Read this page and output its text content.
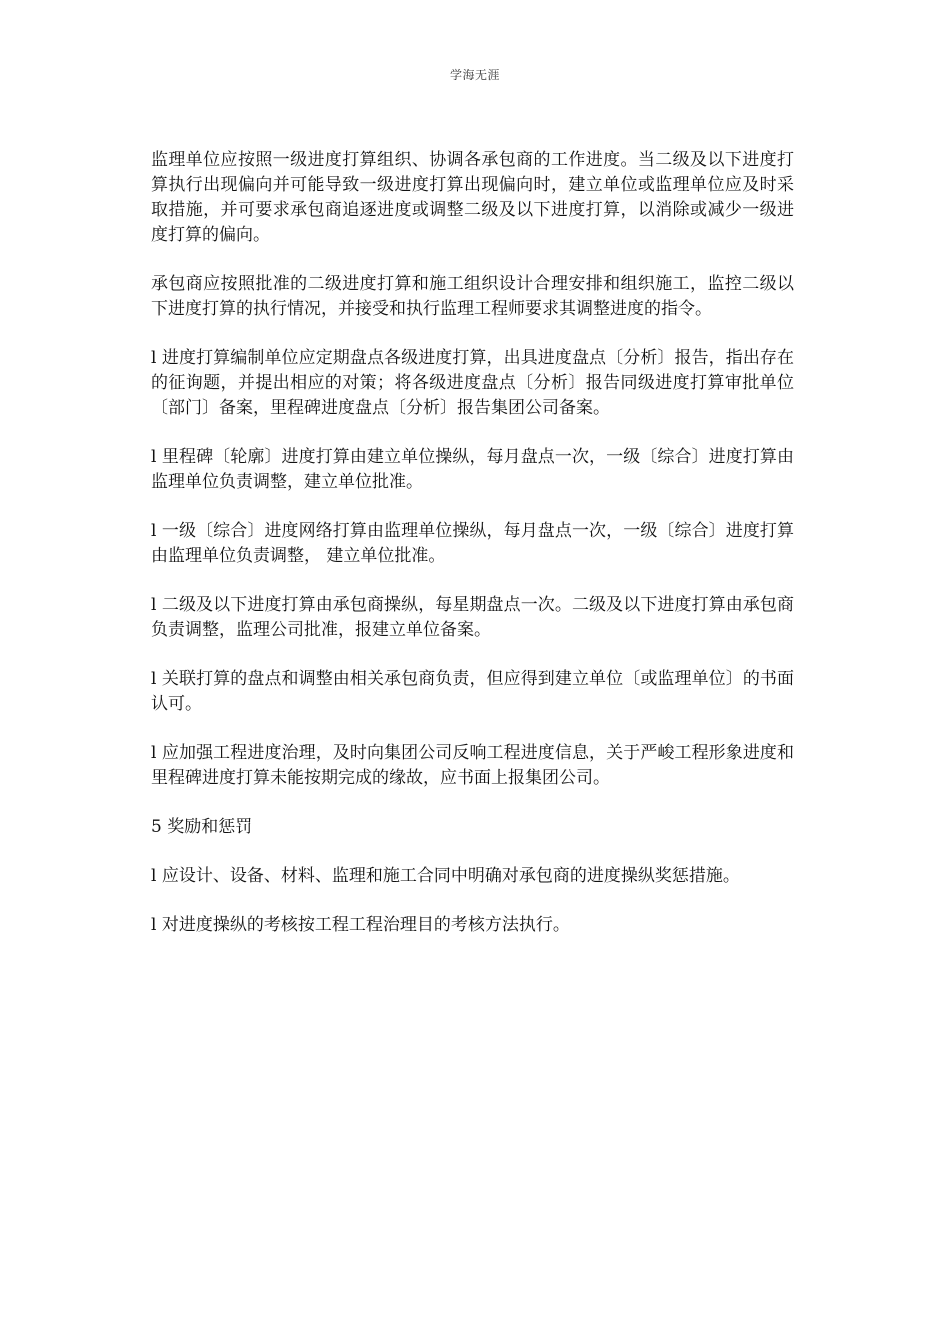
学海无涯

监理单位应按照一级进度打算组织、协调各承包商的工作进度。当二级及以下进度打算执行出现偏向并可能导致一级进度打算出现偏向时，建立单位或监理单位应及时采取措施，并可要求承包商追逐进度或调整二级及以下进度打算，以消除或减少一级进度打算的偏向。

承包商应按照批准的二级进度打算和施工组织设计合理安排和组织施工，监控二级以下进度打算的执行情况，并接受和执行监理工程师要求其调整进度的指令。

l 进度打算编制单位应定期盘点各级进度打算，出具进度盘点〔分析〕报告，指出存在的征询题，并提出相应的对策；将各级进度盘点〔分析〕报告同级进度打算审批单位〔部门〕备案，里程碑进度盘点〔分析〕报告集团公司备案。

l 里程碑〔轮廓〕进度打算由建立单位操纵，每月盘点一次，一级〔综合〕进度打算由监理单位负责调整，建立单位批准。

l 一级〔综合〕进度网络打算由监理单位操纵，每月盘点一次，一级〔综合〕进度打算由监理单位负责调整， 建立单位批准。

l 二级及以下进度打算由承包商操纵，每星期盘点一次。二级及以下进度打算由承包商负责调整，监理公司批准，报建立单位备案。

l 关联打算的盘点和调整由相关承包商负责，但应得到建立单位〔或监理单位〕的书面认可。

l 应加强工程进度治理，及时向集团公司反响工程进度信息，关于严峻工程形象进度和里程碑进度打算未能按期完成的缘故，应书面上报集团公司。

5 奖励和惩罚

l 应设计、设备、材料、监理和施工合同中明确对承包商的进度操纵奖惩措施。

l 对进度操纵的考核按工程工程治理目的考核方法执行。
